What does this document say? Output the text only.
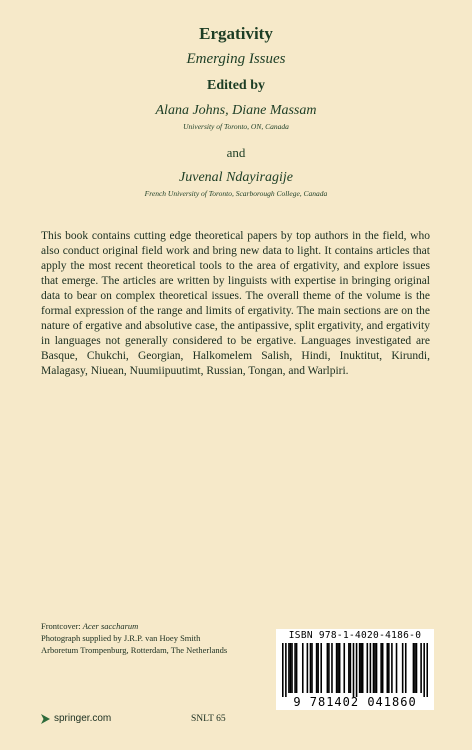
Ergativity
Emerging Issues
Edited by
Alana Johns, Diane Massam
University of Toronto, ON, Canada
and
Juvenal Ndayiragije
French University of Toronto, Scarborough College, Canada

This book contains cutting edge theoretical papers by top authors in the field, who also conduct original field work and bring new data to light. It contains articles that apply the most recent theoretical tools to the area of ergativity, and explore issues that emerge. The articles are written by linguists with expertise in bringing original data to bear on complex theoretical issues. The overall theme of the volume is the formal expression of the range and limits of ergativity. The main sections are on the nature of ergative and absolutive case, the antipassive, split ergativity, and ergativity in languages not generally considered to be ergative. Languages investigated are Basque, Chukchi, Georgian, Halkomelem Salish, Hindi, Inuktitut, Kirundi, Malagasy, Niuean, Nuumiipuutimt, Russian, Tongan, and Warlpiri.

Frontcover: Acer saccharum
Photograph supplied by J.R.P. van Hoey Smith
Arboretum Trompenburg, Rotterdam, The Netherlands
ISBN 978-1-4020-4186-0
9 781402 041860
springer.com	SNLT 65
